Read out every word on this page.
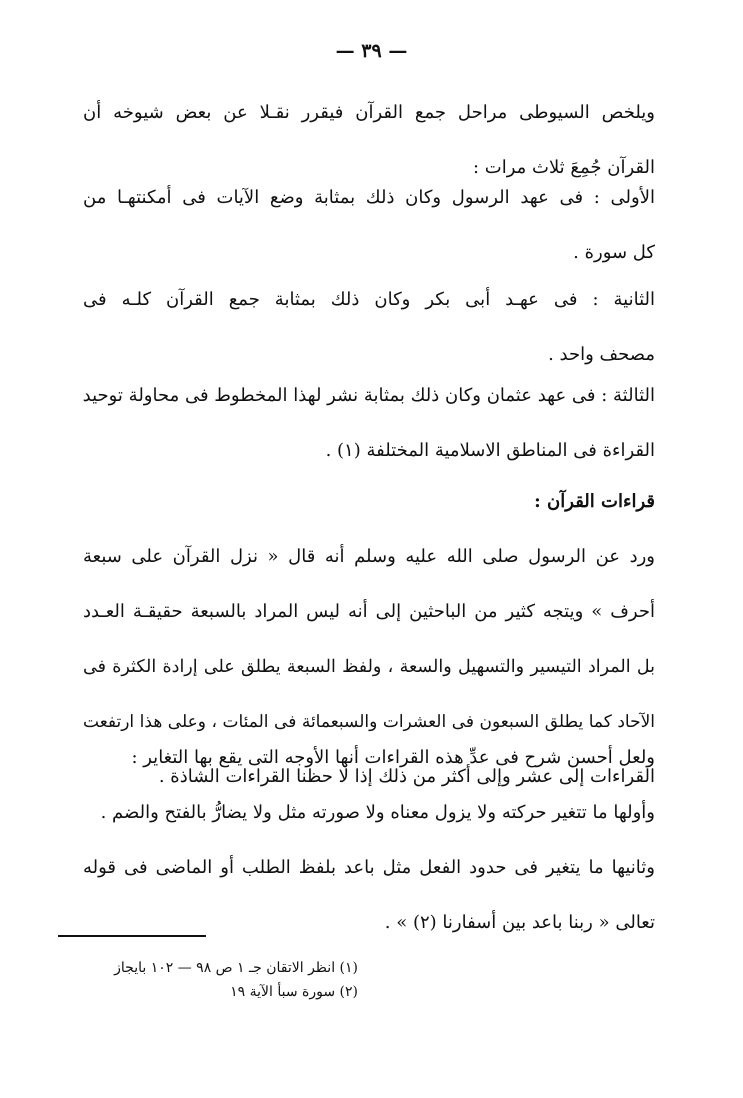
— ٣٩ —
ويلخص السيوطى مراحل جمع القرآن فيقرر نقـلا عن بعض شيوخه أن
القرآن جُمِعَ ثلاث مرات :
الأولى : فى عهد الرسول وكان ذلك بمثابة وضع الآيات فى أمكنتهـا من
كل سورة .
الثانية : فى عهـد أبى بكر وكان ذلك بمثابة جمع القرآن كلـه فى
مصحف واحد .
الثالثة : فى عهد عثمان وكان ذلك بمثابة نشر لهذا المخطوط فى محاولة توحيد
القراءة فى المناطق الاسلامية المختلفة (١) .
قراءات القرآن :
ورد عن الرسول صلى الله عليه وسلم أنه قال « نزل القرآن على سبعة
أحرف » ويتجه كثير من الباحثين إلى أنه ليس المراد بالسبعة حقيقـة العـدد
بل المراد التيسير والتسهيل والسعة ، ولفظ السبعة يطلق على إرادة الكثرة فى
الآحاد كما يطلق السبعون فى العشرات والسبعمائة فى المئات ، وعلى هذا ارتفعت
القراءات إلى عشر وإلى أكثر من ذلك إذا لا حظنا القراءات الشاذة .
ولعل أحسن شرح فى عدِّ هذه القراءات أنها الأوجه التى يقع بها التغاير :
وأولها ما تتغير حركته ولا يزول معناه ولا صورته مثل ولا يضارُّ بالفتح والضم .
وثانيها ما يتغير فى حدود الفعل مثل باعد بلفظ الطلب أو الماضى فى قوله
تعالى « ربنا باعد بين أسفارنا (٢) » .
(١) انظر الاتقان جـ ١ ص ٩٨ — ١٠٢ بايجاز
(٢) سورة سبأ الآية ١٩
